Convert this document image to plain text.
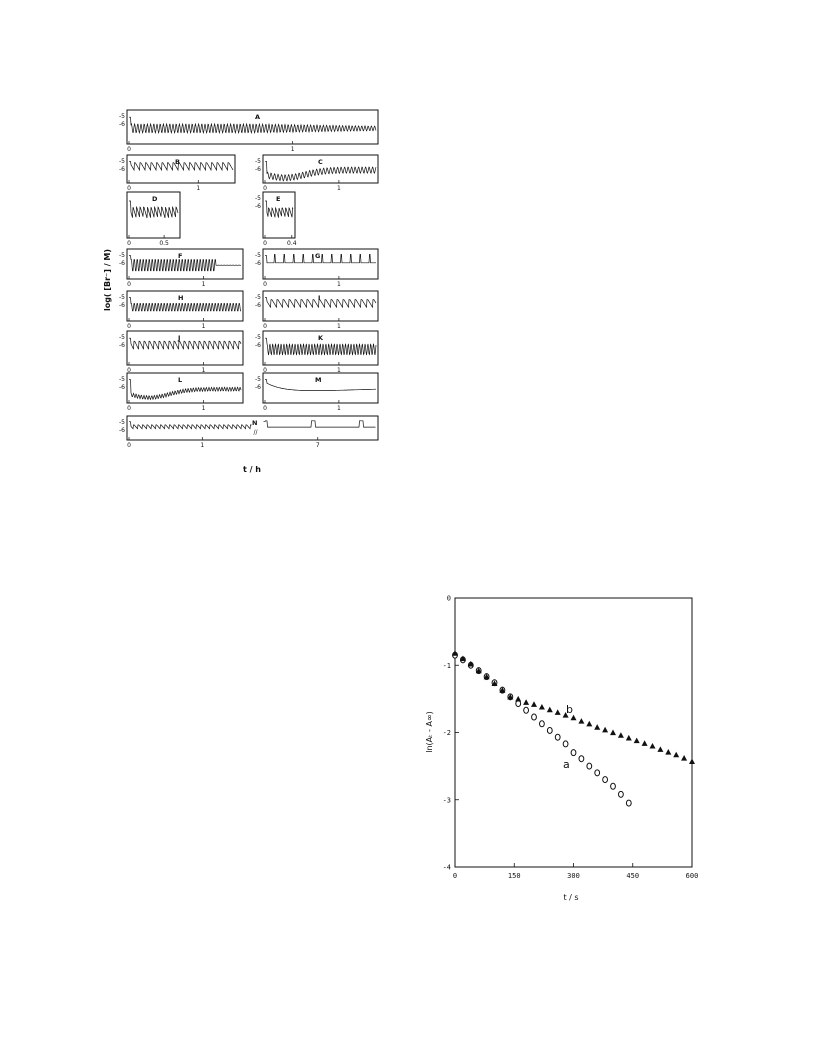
A
-5
-6
0	1
B
-5
-6
0	1
C
-5
-6
0	1
D
0	0.5
E
-5
-6
0	0.4
F
-5
-6
0	1
G
-5
-6
0	1
H
-5
-6
0	1
I
-5
-6
0	1
J
-5
-6
0	1
K
-5
-6
0	1
L
-5
-6
0	1
M
-5
-6
0	1
N
//
-5
-6
0	1	7
log( [Br⁻] / M)
t / h
0	150	300	450	600
0
-1
-2
-3
-4
ln(Aₜ - A∞)
t / s
a
b
